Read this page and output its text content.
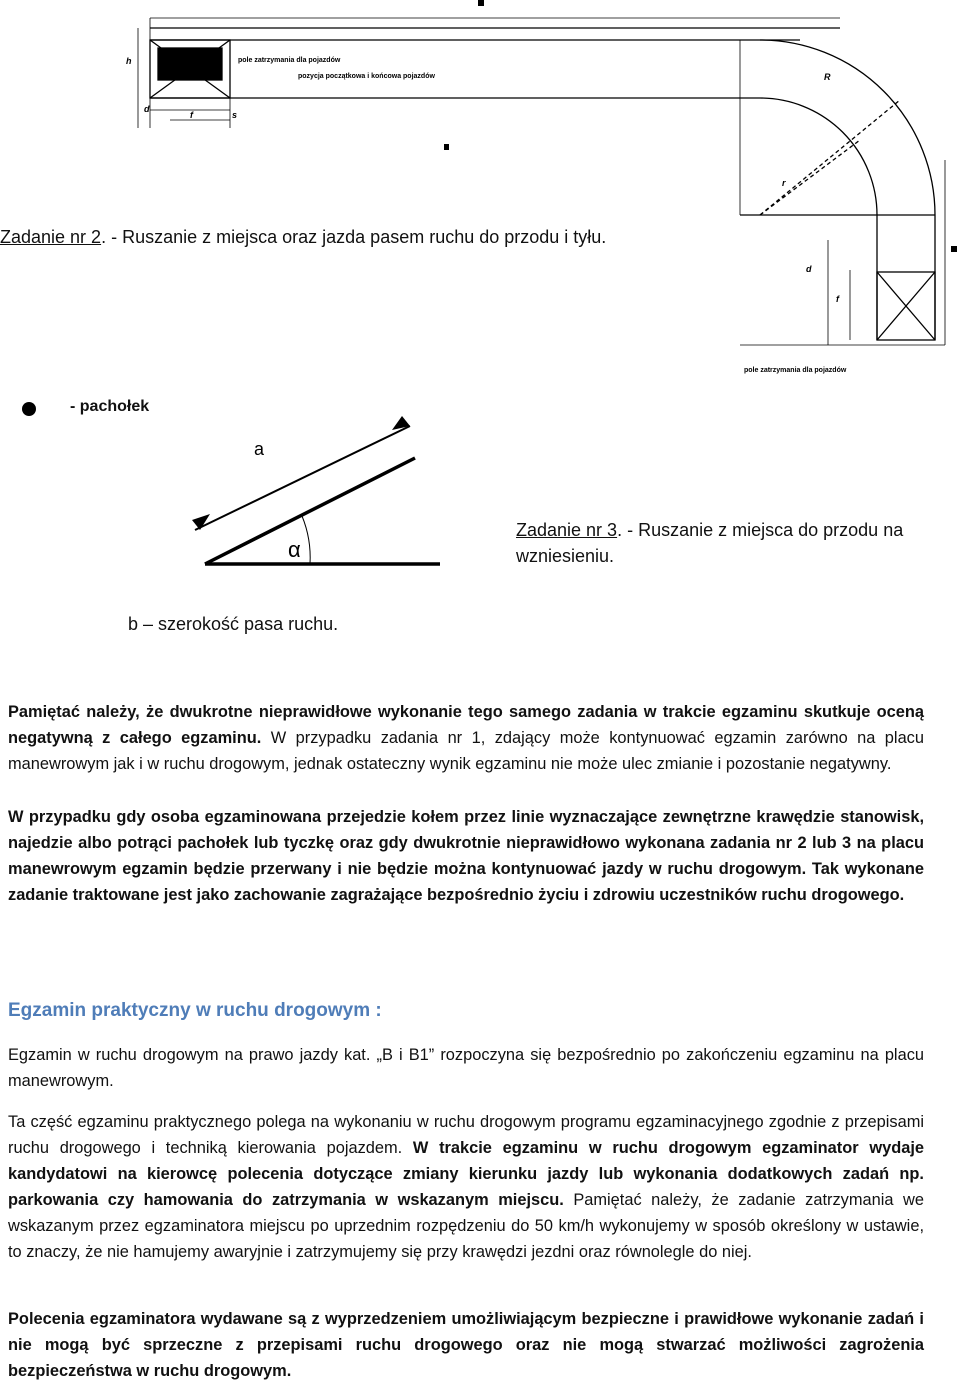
h
d
f	s
R
r
d
f
pole zatrzymania dla pojazdów
pozycja początkowa i końcowa pojazdów
pole zatrzymania dla pojazdów
Zadanie nr 2. - Ruszanie z miejsca oraz jazda pasem ruchu do przodu i tyłu.
- pachołek
a
α
Zadanie nr 3. - Ruszanie z miejsca do przodu na
wzniesieniu.
b – szerokość pasa ruchu.
Pamiętać należy, że dwukrotne nieprawidłowe wykonanie tego samego zadania w trakcie egzaminu skutkuje oceną negatywną z całego egzaminu. W przypadku zadania nr 1, zdający może kontynuować egzamin zarówno na placu manewrowym jak i w ruchu drogowym, jednak ostateczny wynik egzaminu nie może ulec zmianie i pozostanie negatywny.
W przypadku gdy osoba egzaminowana przejedzie kołem przez linie wyznaczające zewnętrzne krawędzie stanowisk, najedzie albo potrąci pachołek lub tyczkę oraz gdy dwukrotnie nieprawidłowo wykonana zadania nr 2 lub 3 na placu manewrowym egzamin będzie przerwany i nie będzie można kontynuować jazdy w ruchu drogowym. Tak wykonane zadanie traktowane jest jako zachowanie zagrażające bezpośrednio życiu i zdrowiu uczestników ruchu drogowego.
Egzamin praktyczny w ruchu drogowym :
Egzamin w ruchu drogowym na prawo jazdy kat. „B i B1” rozpoczyna się bezpośrednio po zakończeniu egzaminu na placu manewrowym.
Ta część egzaminu praktycznego polega na wykonaniu w ruchu drogowym programu egzaminacyjnego zgodnie z przepisami ruchu drogowego i techniką kierowania pojazdem. W trakcie egzaminu w ruchu drogowym egzaminator wydaje kandydatowi na kierowcę polecenia dotyczące zmiany kierunku jazdy lub wykonania dodatkowych zadań np. parkowania czy hamowania do zatrzymania w wskazanym miejscu. Pamiętać należy, że zadanie zatrzymania we wskazanym przez egzaminatora miejscu po uprzednim rozpędzeniu do 50 km/h wykonujemy w sposób określony w ustawie, to znaczy, że nie hamujemy awaryjnie i zatrzymujemy się przy krawędzi jezdni oraz równolegle do niej.
Polecenia egzaminatora wydawane są z wyprzedzeniem umożliwiającym bezpieczne i prawidłowe wykonanie zadań i nie mogą być sprzeczne z przepisami ruchu drogowego oraz nie mogą stwarzać możliwości zagrożenia bezpieczeństwa w ruchu drogowym.
